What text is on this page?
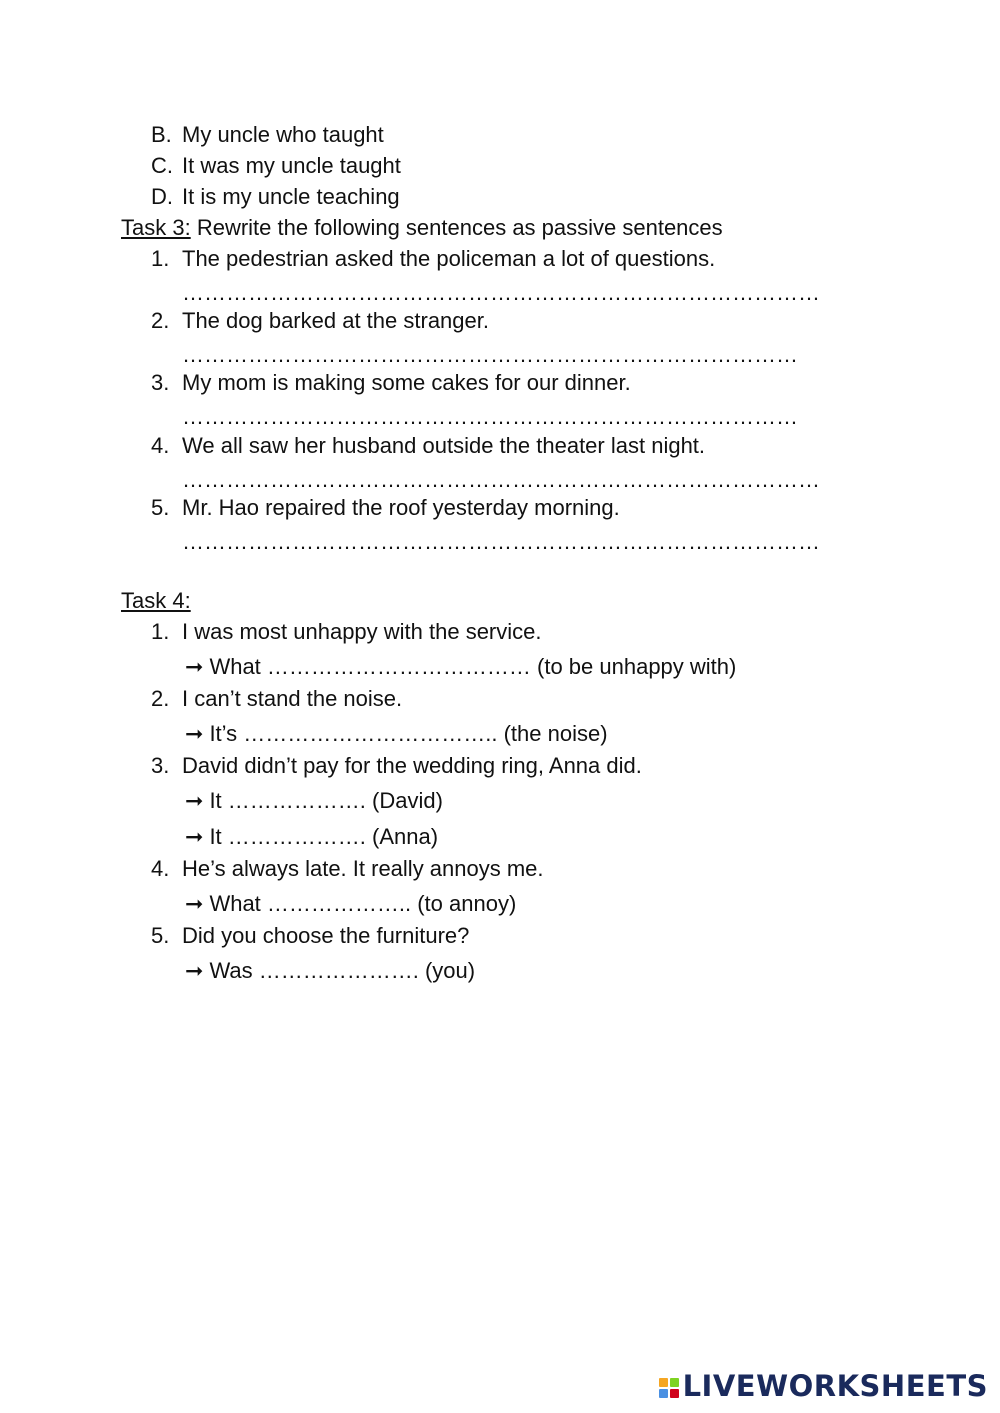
B. My uncle who taught
C. It was my uncle taught
D. It is my uncle teaching
Task 3: Rewrite the following sentences as passive sentences
1. The pedestrian asked the policeman a lot of questions.
……………………………………………………………………………
2. The dog barked at the stranger.
…………………………………………………………………………
3. My mom is making some cakes for our dinner.
…………………………………………………………………………
4. We all saw her husband outside the theater last night.
……………………………………………………………………………
5. Mr. Hao repaired the roof yesterday morning.
……………………………………………………………………………
Task 4:
1. I was most unhappy with the service.
➞ What ……………………………… (to be unhappy with)
2. I can’t stand the noise.
➞ It’s …………………………….. (the noise)
3. David didn’t pay for the wedding ring, Anna did.
➞ It ………………. (David)
➞ It ………………. (Anna)
4. He’s always late. It really annoys me.
➞ What ……………….. (to annoy)
5. Did you choose the furniture?
➞ Was …………………. (you)
LIVEWORKSHEETS
